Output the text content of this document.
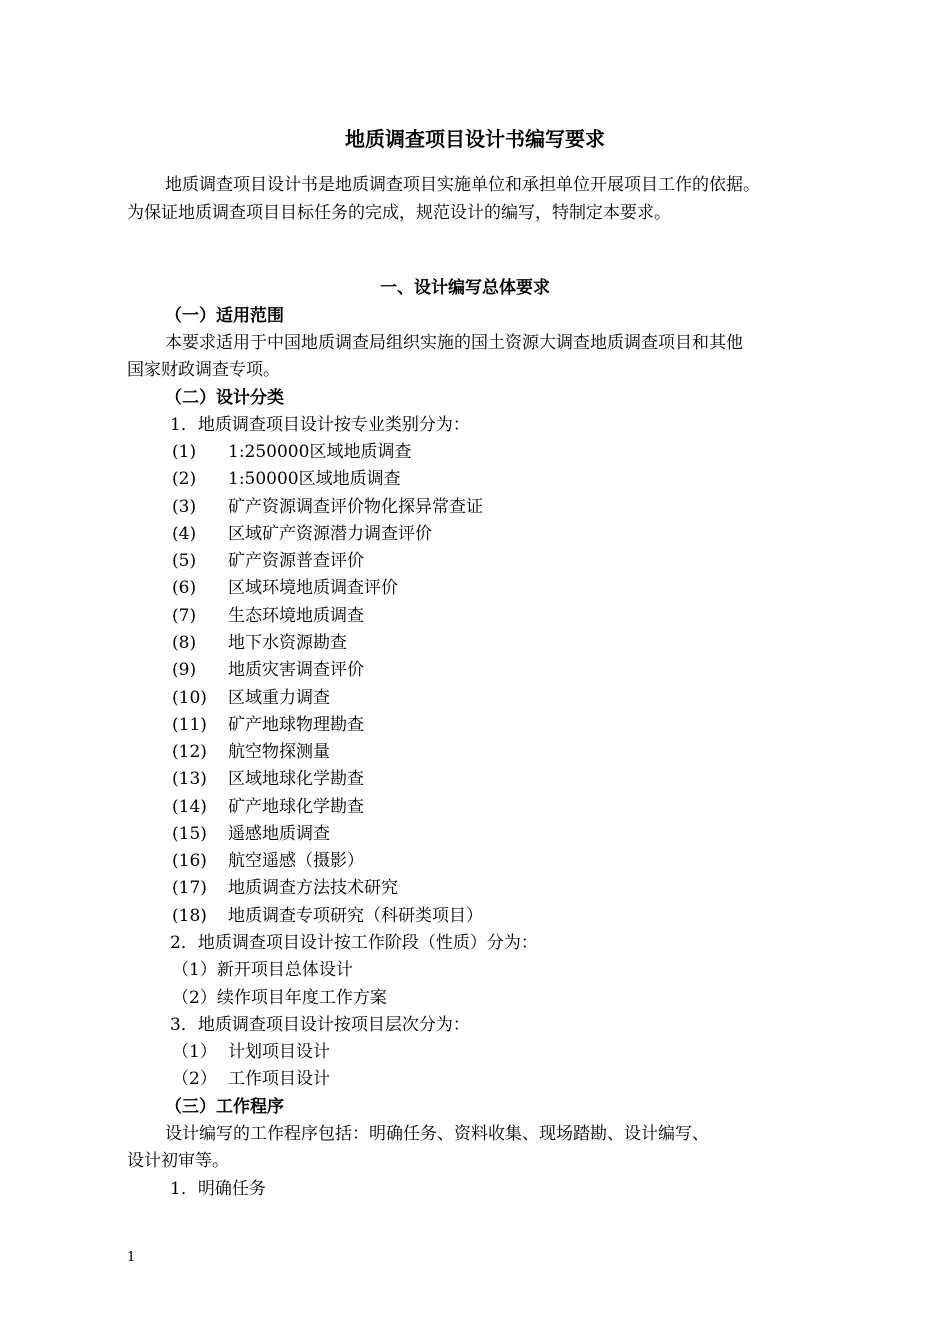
地质调查项目设计书编写要求
地质调查项目设计书是地质调查项目实施单位和承担单位开展项目工作的依据。
为保证地质调查项目目标任务的完成，规范设计的编写，特制定本要求。
一、设计编写总体要求
（一）适用范围
本要求适用于中国地质调查局组织实施的国土资源大调查地质调查项目和其他
国家财政调查专项。
（二）设计分类
1．地质调查项目设计按专业类别分为：
(1) 1:250000区域地质调查
(2) 1:50000区域地质调查
(3) 矿产资源调查评价物化探异常查证
(4) 区域矿产资源潜力调查评价
(5) 矿产资源普查评价
(6) 区域环境地质调查评价
(7) 生态环境地质调查
(8) 地下水资源勘查
(9) 地质灾害调查评价
(10) 区域重力调查
(11) 矿产地球物理勘查
(12) 航空物探测量
(13) 区域地球化学勘查
(14) 矿产地球化学勘查
(15) 遥感地质调查
(16) 航空遥感（摄影）
(17) 地质调查方法技术研究
(18) 地质调查专项研究（科研类项目）
2．地质调查项目设计按工作阶段（性质）分为：
（1）新开项目总体设计
（2）续作项目年度工作方案
3．地质调查项目设计按项目层次分为：
（1） 计划项目设计
（2） 工作项目设计
（三）工作程序
设计编写的工作程序包括：明确任务、资料收集、现场踏勘、设计编写、
设计初审等。
1．明确任务
1
